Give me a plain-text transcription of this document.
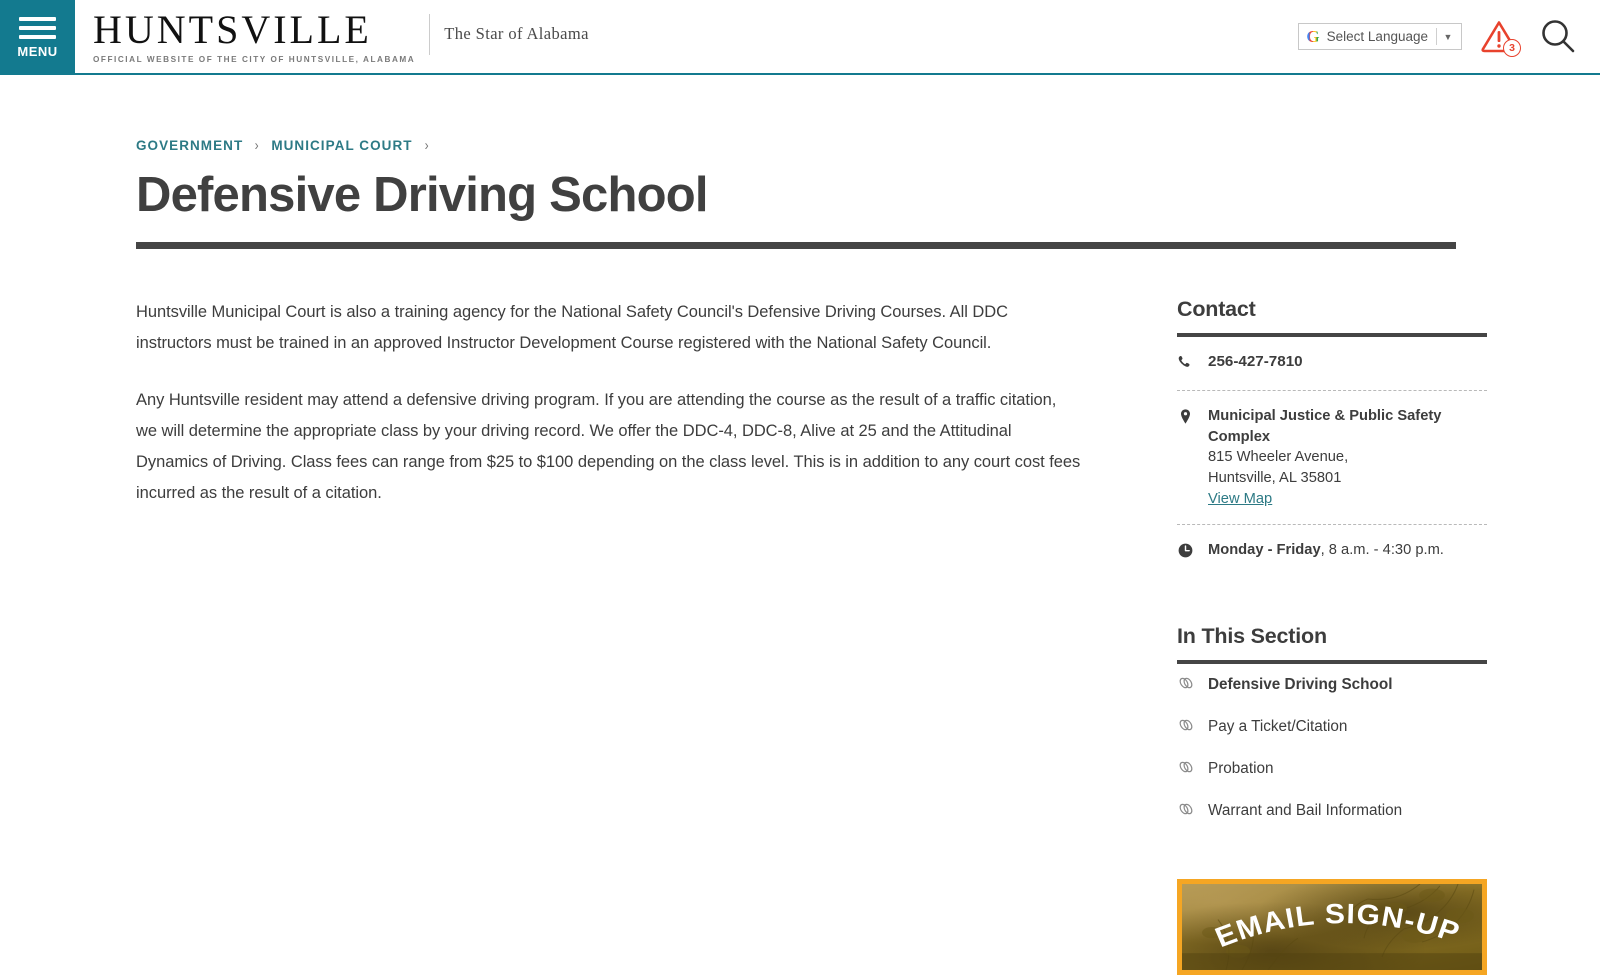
MENU HUNTSVILLE
OFFICIAL WEBSITE OF THE CITY OF HUNTSVILLE, ALABAMA
The Star of Alabama	G Select Language	▼
3
GOVERNMENT › MUNICIPAL COURT ›
Defensive Driving School

Huntsville Municipal Court is also a training agency for the National Safety Council's Defensive Driving Courses. All DDC instructors must be trained in an approved Instructor Development Course registered with the National Safety Council.

Any Huntsville resident may attend a defensive driving program. If you are attending the course as the result of a traffic citation, we will determine the appropriate class by your driving record. We offer the DDC-4, DDC-8, Alive at 25 and the Attitudinal Dynamics of Driving. Class fees can range from $25 to $100 depending on the class level. This is in addition to any court cost fees incurred as the result of a citation.

Contact
256-427-7810
Municipal Justice & Public Safety Complex
815 Wheeler Avenue,
Huntsville, AL 35801
View Map
Monday - Friday, 8 a.m. - 4:30 p.m.
In This Section
Defensive Driving School
Pay a Ticket/Citation
Probation
Warrant and Bail Information
EMAIL SIGN-UP
